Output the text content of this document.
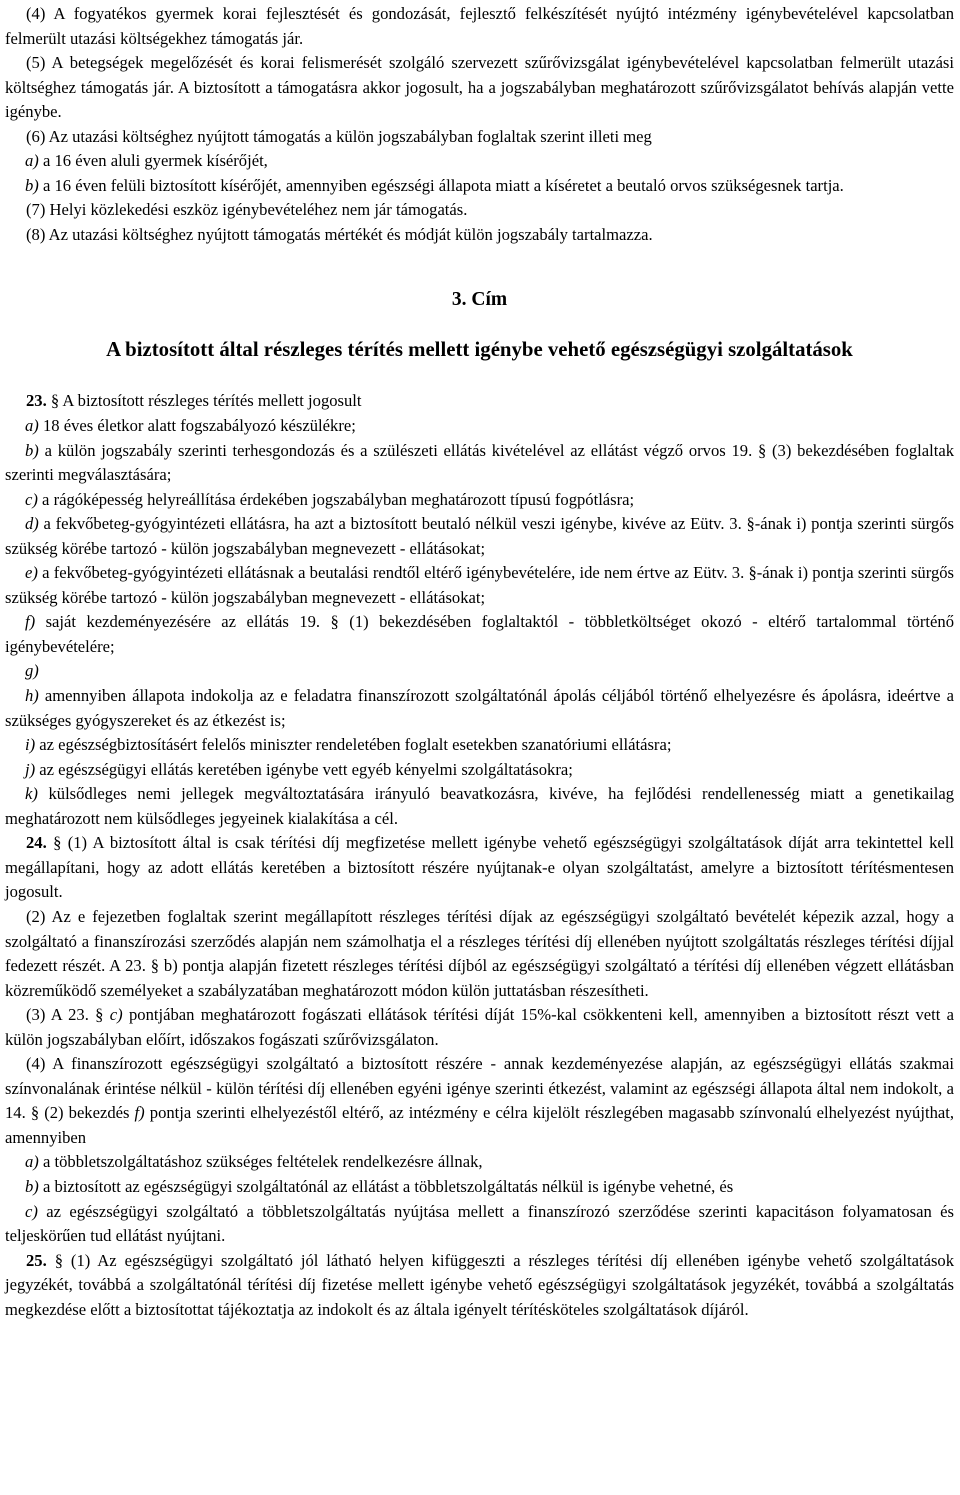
(4) A fogyatékos gyermek korai fejlesztését és gondozását, fejlesztő felkészítését nyújtó intézmény igénybevételével kapcsolatban felmerült utazási költségekhez támogatás jár.

(5) A betegségek megelőzését és korai felismerését szolgáló szervezett szűrővizsgálat igénybevételével kapcsolatban felmerült utazási költséghez támogatás jár. A biztosított a támogatásra akkor jogosult, ha a jogszabályban meghatározott szűrővizsgálatot behívás alapján vette igénybe.

(6) Az utazási költséghez nyújtott támogatás a külön jogszabályban foglaltak szerint illeti meg

a) a 16 éven aluli gyermek kísérőjét,

b) a 16 éven felüli biztosított kísérőjét, amennyiben egészségi állapota miatt a kíséretet a beutaló orvos szükségesnek tartja.

(7) Helyi közlekedési eszköz igénybevételéhez nem jár támogatás.

(8) Az utazási költséghez nyújtott támogatás mértékét és módját külön jogszabály tartalmazza.

3. Cím
A biztosított által részleges térítés mellett igénybe vehető egészségügyi szolgáltatások

23. § A biztosított részleges térítés mellett jogosult

a) 18 éves életkor alatt fogszabályozó készülékre;

b) a külön jogszabály szerinti terhesgondozás és a szülészeti ellátás kivételével az ellátást végző orvos 19. § (3) bekezdésében foglaltak szerinti megválasztására;

c) a rágóképesség helyreállítása érdekében jogszabályban meghatározott típusú fogpótlásra;

d) a fekvőbeteg-gyógyintézeti ellátásra, ha azt a biztosított beutaló nélkül veszi igénybe, kivéve az Eütv. 3. §-ának i) pontja szerinti sürgős szükség körébe tartozó - külön jogszabályban megnevezett - ellátásokat;

e) a fekvőbeteg-gyógyintézeti ellátásnak a beutalási rendtől eltérő igénybevételére, ide nem értve az Eütv. 3. §-ának i) pontja szerinti sürgős szükség körébe tartozó - külön jogszabályban megnevezett - ellátásokat;

f) saját kezdeményezésére az ellátás 19. § (1) bekezdésében foglaltaktól - többletköltséget okozó - eltérő tartalommal történő igénybevételére;

g)

h) amennyiben állapota indokolja az e feladatra finanszírozott szolgáltatónál ápolás céljából történő elhelyezésre és ápolásra, ideértve a szükséges gyógyszereket és az étkezést is;

i) az egészségbiztosításért felelős miniszter rendeletében foglalt esetekben szanatóriumi ellátásra;

j) az egészségügyi ellátás keretében igénybe vett egyéb kényelmi szolgáltatásokra;

k) külsődleges nemi jellegek megváltoztatására irányuló beavatkozásra, kivéve, ha fejlődési rendellenesség miatt a genetikailag meghatározott nem külsődleges jegyeinek kialakítása a cél.

24. § (1) A biztosított által is csak térítési díj megfizetése mellett igénybe vehető egészségügyi szolgáltatások díját arra tekintettel kell megállapítani, hogy az adott ellátás keretében a biztosított részére nyújtanak-e olyan szolgáltatást, amelyre a biztosított térítésmentesen jogosult.

(2) Az e fejezetben foglaltak szerint megállapított részleges térítési díjak az egészségügyi szolgáltató bevételét képezik azzal, hogy a szolgáltató a finanszírozási szerződés alapján nem számolhatja el a részleges térítési díj ellenében nyújtott szolgáltatás részleges térítési díjjal fedezett részét. A 23. § b) pontja alapján fizetett részleges térítési díjból az egészségügyi szolgáltató a térítési díj ellenében végzett ellátásban közreműködő személyeket a szabályzatában meghatározott módon külön juttatásban részesítheti.

(3) A 23. § c) pontjában meghatározott fogászati ellátások térítési díját 15%-kal csökkenteni kell, amennyiben a biztosított részt vett a külön jogszabályban előírt, időszakos fogászati szűrővizsgálaton.

(4) A finanszírozott egészségügyi szolgáltató a biztosított részére - annak kezdeményezése alapján, az egészségügyi ellátás szakmai színvonalának érintése nélkül - külön térítési díj ellenében egyéni igénye szerinti étkezést, valamint az egészségi állapota által nem indokolt, a 14. § (2) bekezdés f) pontja szerinti elhelyezéstől eltérő, az intézmény e célra kijelölt részlegében magasabb színvonalú elhelyezést nyújthat, amennyiben

a) a többletszolgáltatáshoz szükséges feltételek rendelkezésre állnak,

b) a biztosított az egészségügyi szolgáltatónál az ellátást a többletszolgáltatás nélkül is igénybe vehetné, és

c) az egészségügyi szolgáltató a többletszolgáltatás nyújtása mellett a finanszírozó szerződése szerinti kapacitáson folyamatosan és teljeskörűen tud ellátást nyújtani.

25. § (1) Az egészségügyi szolgáltató jól látható helyen kifüggeszti a részleges térítési díj ellenében igénybe vehető szolgáltatások jegyzékét, továbbá a szolgáltatónál térítési díj fizetése mellett igénybe vehető egészségügyi szolgáltatások jegyzékét, továbbá a szolgáltatás megkezdése előtt a biztosítottat tájékoztatja az indokolt és az általa igényelt térítésköteles szolgáltatások díjáról.
